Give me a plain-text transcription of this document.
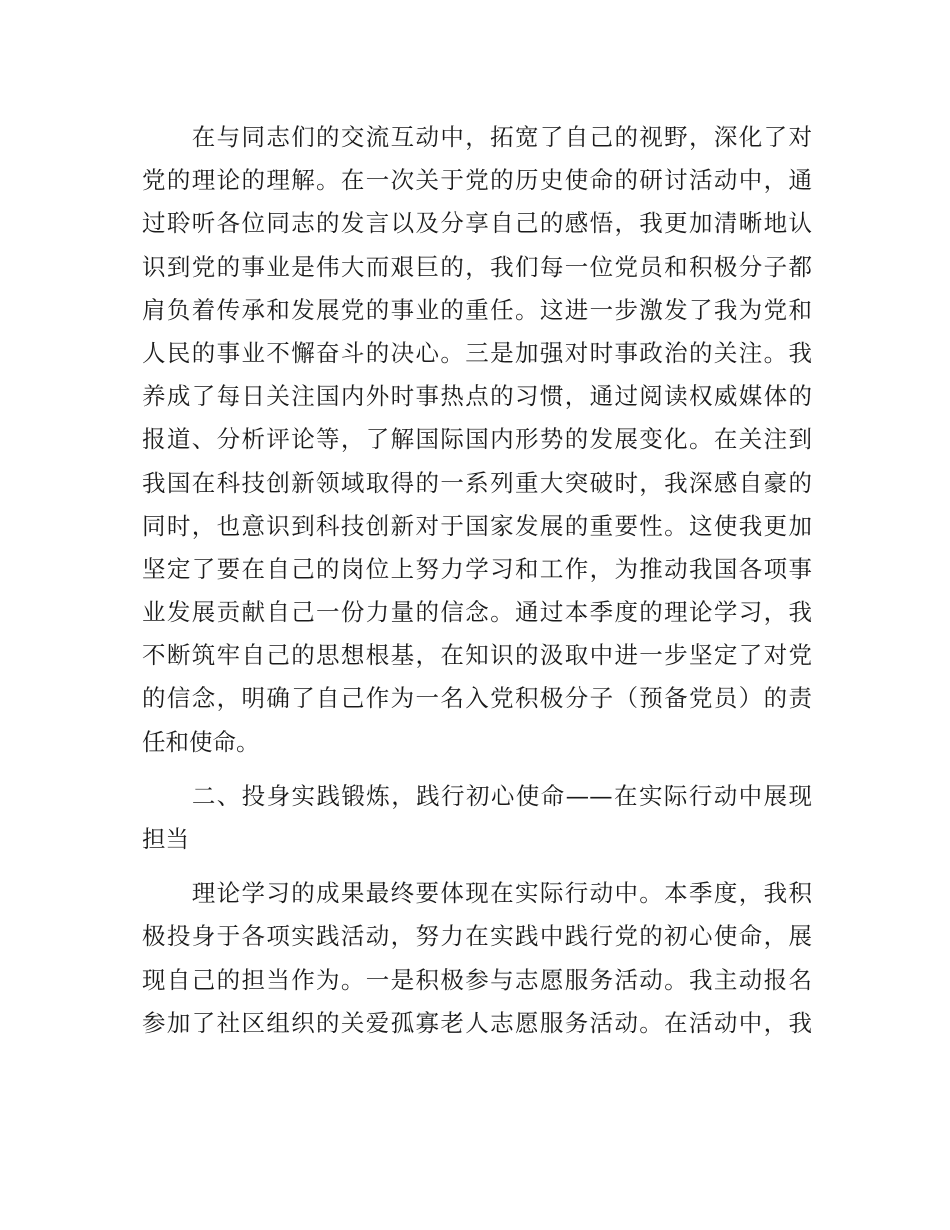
　　在与同志们的交流互动中，拓宽了自己的视野，深化了对
党的理论的理解。在一次关于党的历史使命的研讨活动中，通
过聆听各位同志的发言以及分享自己的感悟，我更加清晰地认
识到党的事业是伟大而艰巨的，我们每一位党员和积极分子都
肩负着传承和发展党的事业的重任。这进一步激发了我为党和
人民的事业不懈奋斗的决心。三是加强对时事政治的关注。我
养成了每日关注国内外时事热点的习惯，通过阅读权威媒体的
报道、分析评论等，了解国际国内形势的发展变化。在关注到
我国在科技创新领域取得的一系列重大突破时，我深感自豪的
同时，也意识到科技创新对于国家发展的重要性。这使我更加
坚定了要在自己的岗位上努力学习和工作，为推动我国各项事
业发展贡献自己一份力量的信念。通过本季度的理论学习，我
不断筑牢自己的思想根基，在知识的汲取中进一步坚定了对党
的信念，明确了自己作为一名入党积极分子（预备党员）的责
任和使命。
　　二、投身实践锻炼，践行初心使命——在实际行动中展现
担当
　　理论学习的成果最终要体现在实际行动中。本季度，我积
极投身于各项实践活动，努力在实践中践行党的初心使命，展
现自己的担当作为。一是积极参与志愿服务活动。我主动报名
参加了社区组织的关爱孤寡老人志愿服务活动。在活动中，我
